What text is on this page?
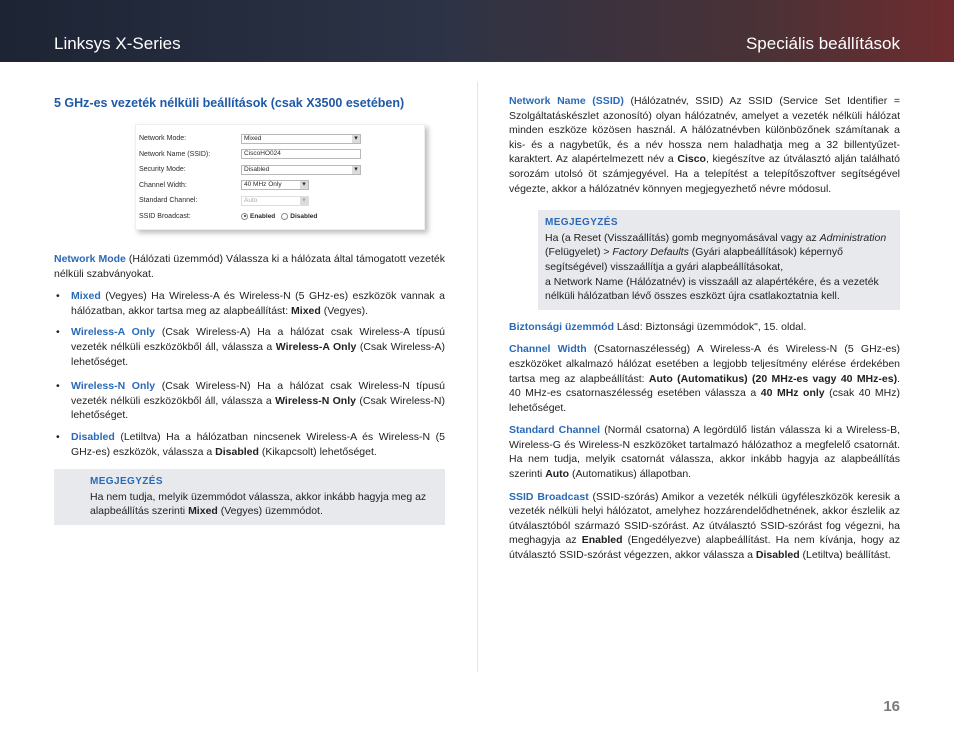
Linksys X-Series	Speciális beállítások
5 GHz-es vezeték nélküli beállítások (csak X3500 esetében)
Network Mode:	Mixed ▾
Network Name (SSID):	CiscoHO024
Security Mode:	Disabled ▾
Channel Width:	40 MHz Only ▾
Standard Channel:	Auto ▾
SSID Broadcast:	Enabled Disabled

Network Mode (Hálózati üzemmód) Válassza ki a hálózata által támogatott vezeték nélküli szabványokat.

• Mixed (Vegyes) Ha Wireless-A és Wireless-N (5 GHz-es) eszközök vannak a hálózatban, akkor tartsa meg az alapbeállítást: Mixed (Vegyes).
• Wireless-A Only (Csak Wireless-A) Ha a hálózat csak Wireless-A típusú vezeték nélküli eszközökből áll, válassza a Wireless-A Only (Csak Wireless-A) lehetőséget.
• Wireless-N Only (Csak Wireless-N) Ha a hálózat csak Wireless-N típusú vezeték nélküli eszközökből áll, válassza a Wireless-N Only (Csak Wireless-N) lehetőséget.
• Disabled (Letiltva) Ha a hálózatban nincsenek Wireless-A és Wireless-N (5 GHz-es) eszközök, válassza a Disabled (Kikapcsolt) lehetőséget.
MEGJEGYZÉS
Ha nem tudja, melyik üzemmódot válassza, akkor inkább hagyja meg az alapbeállítás szerinti Mixed (Vegyes) üzemmódot.

Network Name (SSID) (Hálózatnév, SSID) Az SSID (Service Set Identifier = Szolgáltatáskészlet azonosító) olyan hálózatnév, amelyet a vezeték nélküli hálózat minden eszköze közösen használ. A hálózatnévben különbözőnek számítanak a kis- és a nagybetűk, és a név hossza nem haladhatja meg a 32 billentyűzet-karaktert. Az alapértelmezett név a Cisco, kiegészítve az útválasztó alján található sorozám utolsó öt számjegyével. Ha a telepítést a telepítőszoftver segítségével végezte, akkor a hálózatnév könnyen megjegyezhető névre módosul.

MEGJEGYZÉS
Ha (a Reset (Visszaállítás) gomb megnyomásával vagy az Administration (Felügyelet) > Factory Defaults (Gyári alapbeállítások) képernyő segítségével) visszaállítja a gyári alapbeállításokat,
a Network Name (Hálózatnév) is visszaáll az alapértékére, és a vezeték nélküli hálózatban lévő összes eszközt újra csatlakoztatnia kell.

Biztonsági üzemmód Lásd: Biztonsági üzemmódok", 15. oldal.

Channel Width (Csatornaszélesség) A Wireless-A és Wireless-N (5 GHz-es) eszközöket alkalmazó hálózat esetében a legjobb teljesítmény elérése érdekében tartsa meg az alapbeállítást: Auto (Automatikus) (20 MHz-es vagy 40 MHz-es). 40 MHz-es csatornaszélesség esetében válassza a 40 MHz only (csak 40 MHz) lehetőséget.

Standard Channel (Normál csatorna) A legördülő listán válassza ki a Wireless-B, Wireless-G és Wireless-N eszközöket tartalmazó hálózathoz a megfelelő csatornát. Ha nem tudja, melyik csatornát válassza, akkor inkább hagyja az alapbeállítás szerinti Auto (Automatikus) állapotban.

SSID Broadcast (SSID-szórás) Amikor a vezeték nélküli ügyféleszközök keresik a vezeték nélküli helyi hálózatot, amelyhez hozzárendelődhetnének, akkor észlelik az útválasztóból származó SSID-szórást. Az útválasztó SSID-szórást fog végezni, ha meghagyja az Enabled (Engedélyezve) alapbeállítást. Ha nem kívánja, hogy az útválasztó SSID-szórást végezzen, akkor válassza a Disabled (Letiltva) beállítást.

16
